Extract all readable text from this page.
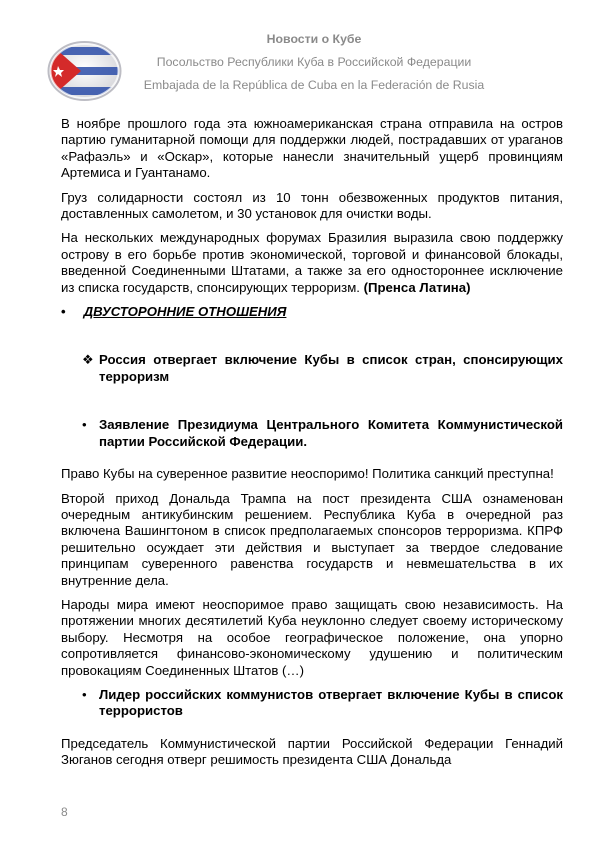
Новости о Кубе
Посольство Республики Куба в Российской Федерации
Embajada de la República de Cuba en la Federación de Rusia

В ноябре прошлого года эта южноамериканская страна отправила на остров партию гуманитарной помощи для поддержки людей, пострадавших от ураганов «Рафаэль» и «Оскар», которые нанесли значительный ущерб провинциям Артемиса и Гуантанамо.

Груз солидарности состоял из 10 тонн обезвоженных продуктов питания, доставленных самолетом, и 30 установок для очистки воды.

На нескольких международных форумах Бразилия выразила свою поддержку острову в его борьбе против экономической, торговой и финансовой блокады, введенной Соединенными Штатами, а также за его одностороннее исключение из списка государств, спонсирующих терроризм. (Пренса Латина)

• ДВУСТОРОННИЕ ОТНОШЕНИЯ

❖ Россия отвергает включение Кубы в список стран, спонсирующих терроризм

• Заявление Президиума Центрального Комитета Коммунистической партии Российской Федерации.

Право Кубы на суверенное развитие неоспоримо! Политика санкций преступна!

Второй приход Дональда Трампа на пост президента США ознаменован очередным антикубинским решением. Республика Куба в очередной раз включена Вашингтоном в список предполагаемых спонсоров терроризма. КПРФ решительно осуждает эти действия и выступает за твердое следование принципам суверенного равенства государств и невмешательства в их внутренние дела.

Народы мира имеют неоспоримое право защищать свою независимость. На протяжении многих десятилетий Куба неуклонно следует своему историческому выбору. Несмотря на особое географическое положение, она упорно сопротивляется финансово-экономическому удушению и политическим провокациям Соединенных Штатов (…)

• Лидер российских коммунистов отвергает включение Кубы в список террористов

Председатель Коммунистической партии Российской Федерации Геннадий Зюганов сегодня отверг решимость президента США Дональда

8
